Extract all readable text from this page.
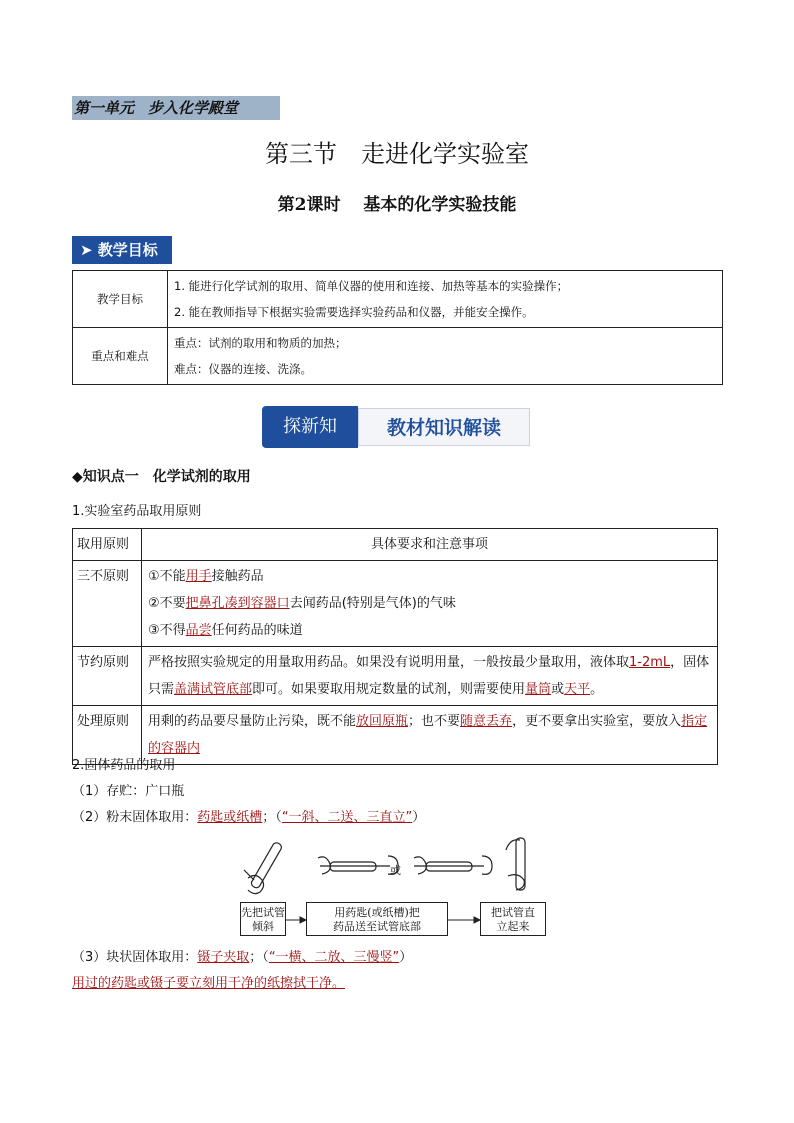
第一单元 步入化学殿堂
第三节　走进化学实验室
第2课时　 基本的化学实验技能
➤ 教学目标
教学目标	1. 能进行化学试剂的取用、简单仪器的使用和连接、加热等基本的实验操作；
2. 能在教师指导下根据实验需要选择实验药品和仪器，并能安全操作。

重点和难点	重点：试剂的取用和物质的加热；
难点：仪器的连接、洗涤。
探新知	教材知识解读
◆知识点一　化学试剂的取用
1.实验室药品取用原则
取用原则	具体要求和注意事项
三不原则	①不能用手接触药品
②不要把鼻孔凑到容器口去闻药品(特别是气体)的气味
③不得品尝任何药品的味道

节约原则	严格按照实验规定的用量取用药品。如果没有说明用量，一般按最少量取用，液体取1-2mL，固体只需盖满试管底部即可。如果要取用规定数量的试剂，则需要使用量筒或天平。
处理原则	用剩的药品要尽量防止污染，既不能放回原瓶；也不要随意丢弃，更不要拿出实验室，要放入指定的容器内
2.固体药品的取用
（1）存贮：广口瓶
（2）粉末固体取用：药匙或纸槽；（“一斜、二送、三直立”）
或
先把试管倾斜
用药匙(或纸槽)把药品送至试管底部
把试管直立起来
（3）块状固体取用：镊子夹取；（“一横、二放、三慢竖”）
用过的药匙或镊子要立刻用干净的纸擦拭干净。
